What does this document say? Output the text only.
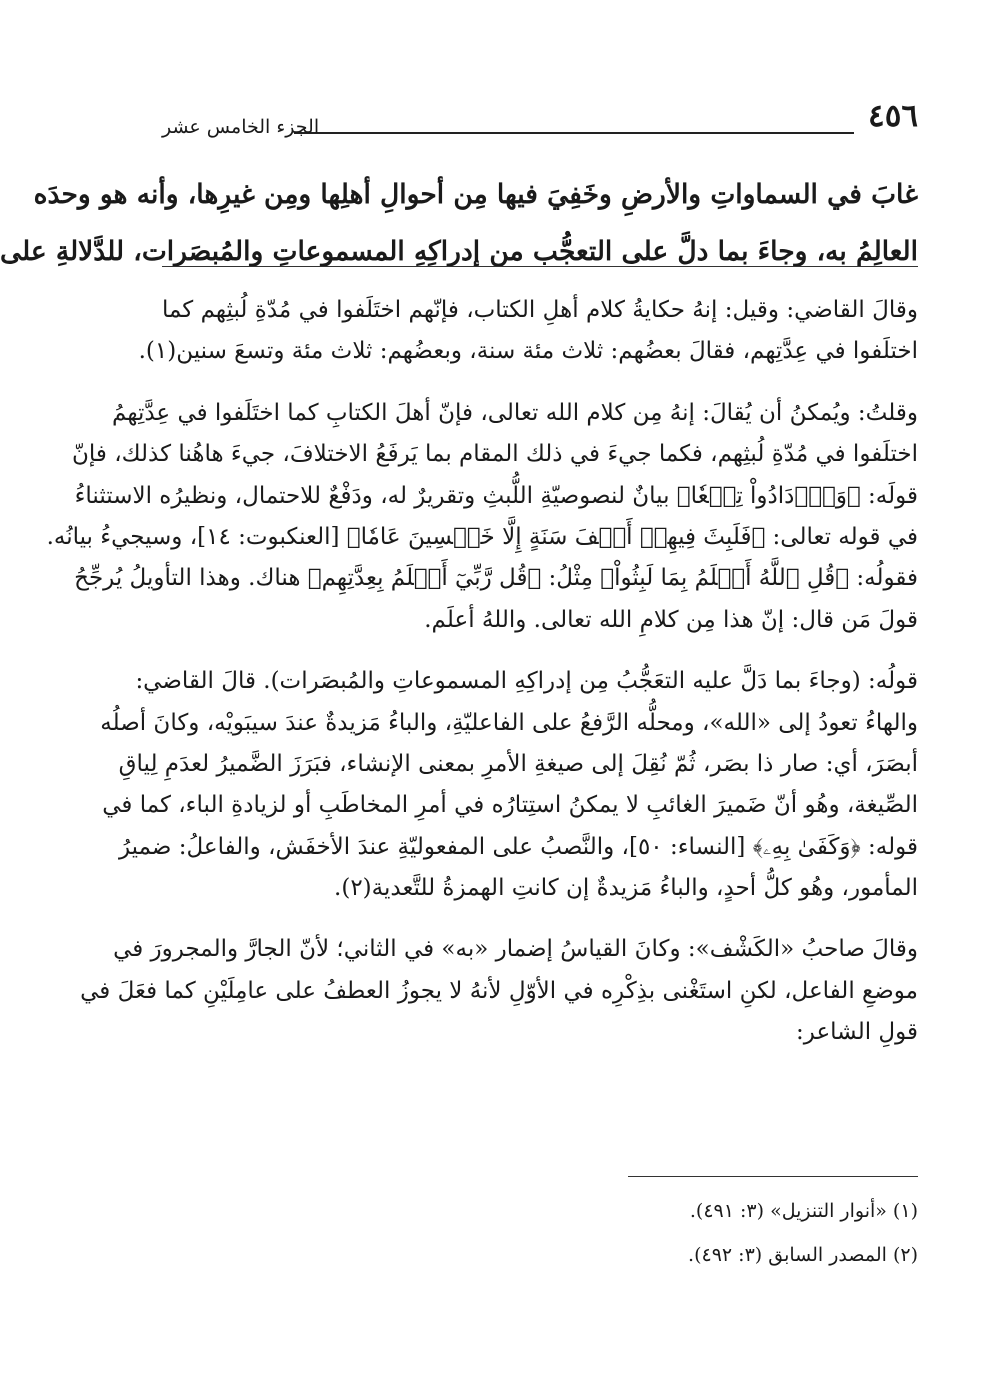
٤٥٦
الجزء الخامس عشر

غابَ في السماواتِ والأرضِ وخَفِيَ فيها مِن أحوالِ أهلِها ومِن غيرِها، وأنه هو وحدَه

العالِمُ به، وجاءَ بما دلَّ على التعجُّب من إدراكِهِ المسموعاتِ والمُبصَرات، للدَّلالةِ على

وقالَ القاضي: وقيل: إنهُ حكايةُ كلام أهلِ الكتاب، فإنّهم اختَلَفوا في مُدّةِ لُبثِهم كما
اختلَفوا في عِدَّتِهم، فقالَ بعضُهم: ثلاث مئة سنة، وبعضُهم: ثلاث مئة وتسعَ سنين(١).
وقلتُ: ويُمكنُ أن يُقالَ: إنهُ مِن كلام الله تعالى، فإنّ أهلَ الكتابِ كما اختَلَفوا في عِدَّتِهمُ
اختلَفوا في مُدّةِ لُبثِهم، فكما جيءَ في ذلك المقام بما يَرفَعُ الاختلافَ، جيءَ هاهُنا كذلك، فإنّ
قولَه: ﴿وَٱزۡدَادُواْ تِسۡعٗا﴾ بيانٌ لنصوصيّةِ اللُّبثِ وتقريرٌ له، ودَفْعٌ للاحتمال، ونظيرُه الاستثناءُ
في قوله تعالى: ﴿فَلَبِثَ فِيهِمۡ أَلۡفَ سَنَةٍ إِلَّا خَمۡسِينَ عَامٗا﴾ [العنكبوت: ١٤]، وسيجيءُ بيانُه.
فقولُه: ﴿قُلِ ٱللَّهُ أَعۡلَمُ بِمَا لَبِثُواْ﴾ مِثْلُ: ﴿قُل رَّبِّيٓ أَعۡلَمُ بِعِدَّتِهِم﴾ هناك. وهذا التأويلُ يُرجِّحُ
قولَ مَن قال: إنّ هذا مِن كلامِ الله تعالى. واللهُ أعلَم.
قولُه: (وجاءَ بما دَلَّ عليه التعَجُّبُ مِن إدراكِهِ المسموعاتِ والمُبصَرات). قالَ القاضي:
والهاءُ تعودُ إلى «الله»، ومحلُّه الرَّفعُ على الفاعليّةِ، والباءُ مَزيدةٌ عندَ سيبَويْه، وكانَ أصلُه
أبصَرَ، أي: صار ذا بصَر، ثُمّ نُقِلَ إلى صيغةِ الأمرِ بمعنى الإنشاء، فبَرَزَ الضَّميرُ لعدَمِ لِياقِ
الصِّيغة، وهُو أنّ ضَميرَ الغائبِ لا يمكنُ استِتارُه في أمرِ المخاطَبِ أو لزيادةِ الباء، كما في
قوله: ﴿وَكَفَىٰ بِهِۦ﴾ [النساء: ٥٠]، والنَّصبُ على المفعوليّةِ عندَ الأخفَش، والفاعلُ: ضميرُ
المأمور، وهُو كلُّ أحدٍ، والباءُ مَزيدةٌ إن كانتِ الهمزةُ للتَّعدية(٢).
وقالَ صاحبُ «الكَشْف»: وكانَ القياسُ إضمار «به» في الثاني؛ لأنّ الجارَّ والمجرورَ في
موضعِ الفاعل، لكنِ استَغْنى بذِكْرِه في الأوّلِ لأنهُ لا يجوزُ العطفُ على عامِلَيْنِ كما فعَلَ في
قولِ الشاعر:
(١) «أنوار التنزيل» (٣: ٤٩١).
(٢) المصدر السابق (٣: ٤٩٢).
